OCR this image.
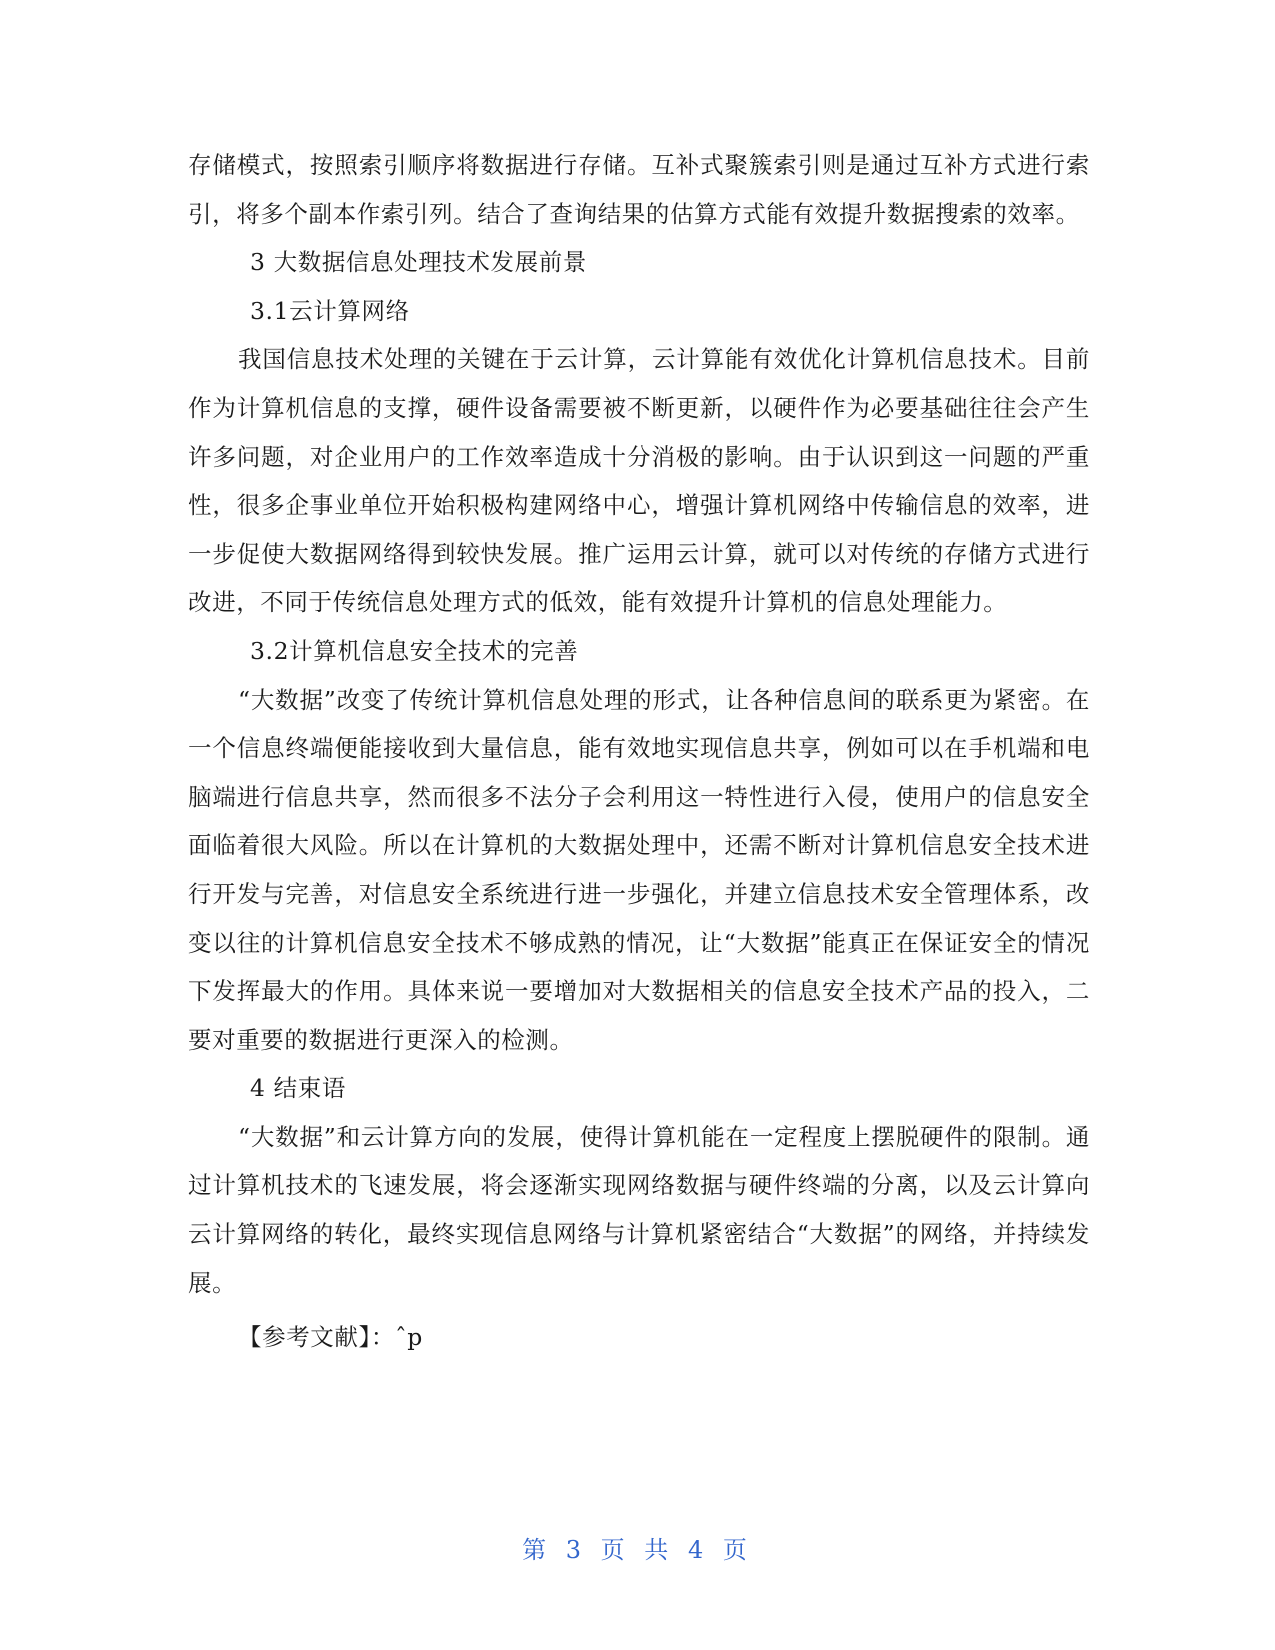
存储模式，按照索引顺序将数据进行存储。互补式聚簇索引则是通过互补方式进行索引，将多个副本作索引列。结合了查询结果的估算方式能有效提升数据搜索的效率。

3 大数据信息处理技术发展前景

3.1云计算网络

我国信息技术处理的关键在于云计算，云计算能有效优化计算机信息技术。目前作为计算机信息的支撑，硬件设备需要被不断更新，以硬件作为必要基础往往会产生许多问题，对企业用户的工作效率造成十分消极的影响。由于认识到这一问题的严重性，很多企事业单位开始积极构建网络中心，增强计算机网络中传输信息的效率，进一步促使大数据网络得到较快发展。推广运用云计算，就可以对传统的存储方式进行改进，不同于传统信息处理方式的低效，能有效提升计算机的信息处理能力。

3.2计算机信息安全技术的完善

“大数据”改变了传统计算机信息处理的形式，让各种信息间的联系更为紧密。在一个信息终端便能接收到大量信息，能有效地实现信息共享，例如可以在手机端和电脑端进行信息共享，然而很多不法分子会利用这一特性进行入侵，使用户的信息安全面临着很大风险。所以在计算机的大数据处理中，还需不断对计算机信息安全技术进行开发与完善，对信息安全系统进行进一步强化，并建立信息技术安全管理体系，改变以往的计算机信息安全技术不够成熟的情况，让“大数据”能真正在保证安全的情况下发挥最大的作用。具体来说一要增加对大数据相关的信息安全技术产品的投入，二要对重要的数据进行更深入的检测。

4 结束语

“大数据”和云计算方向的发展，使得计算机能在一定程度上摆脱硬件的限制。通过计算机技术的飞速发展，将会逐渐实现网络数据与硬件终端的分离，以及云计算向云计算网络的转化，最终实现信息网络与计算机紧密结合“大数据”的网络，并持续发展。

【参考文献】：ˆp

第 3 页 共 4 页
